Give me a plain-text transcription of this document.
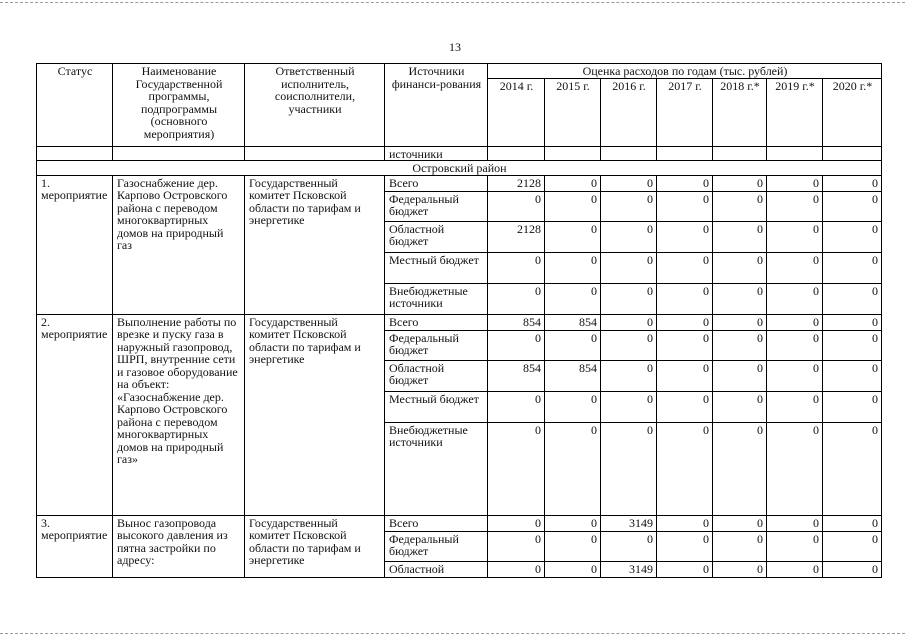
13
Статус	Наименование Государственной программы, подпрограммы (основного мероприятия)	Ответственный исполнитель, соисполнители, участники	Источники финанси-рования	Оценка расходов по годам (тыс. рублей)						
				2014 г.	2015 г.	2016 г.	2017 г.	2018 г.*	2019 г.*	2020 г.*
			источники							
Островский район										
1. мероприятие	Газоснабжение дер. Карпово Островского района с переводом многоквартирных домов на природный газ	Государственный комитет Псковской области по тарифам и энергетике	Всего	2128	0	0	0	0	0	0
			Федеральный бюджет	0	0	0	0	0	0	0
			Областной бюджет	2128	0	0	0	0	0	0
			Местный бюджет	0	0	0	0	0	0	0
			Внебюджетные источники	0	0	0	0	0	0	0
2. мероприятие	Выполнение работы по врезке и пуску газа в наружный газопровод, ШРП, внутренние сети и газовое оборудование на объект: «Газоснабжение дер. Карпово Островского района с переводом многоквартирных домов на природный газ»	Государственный комитет Псковской области по тарифам и энергетике	Всего	854	854	0	0	0	0	0
			Федеральный бюджет	0	0	0	0	0	0	0
			Областной бюджет	854	854	0	0	0	0	0
			Местный бюджет	0	0	0	0	0	0	0
			Внебюджетные источники	0	0	0	0	0	0	0
3. мероприятие	Вынос газопровода высокого давления из пятна застройки по адресу:	Государственный комитет Псковской области по тарифам и энергетике	Всего	0	0	3149	0	0	0	0
			Федеральный бюджет	0	0	0	0	0	0	0
			Областной	0	0	3149	0	0	0	0
